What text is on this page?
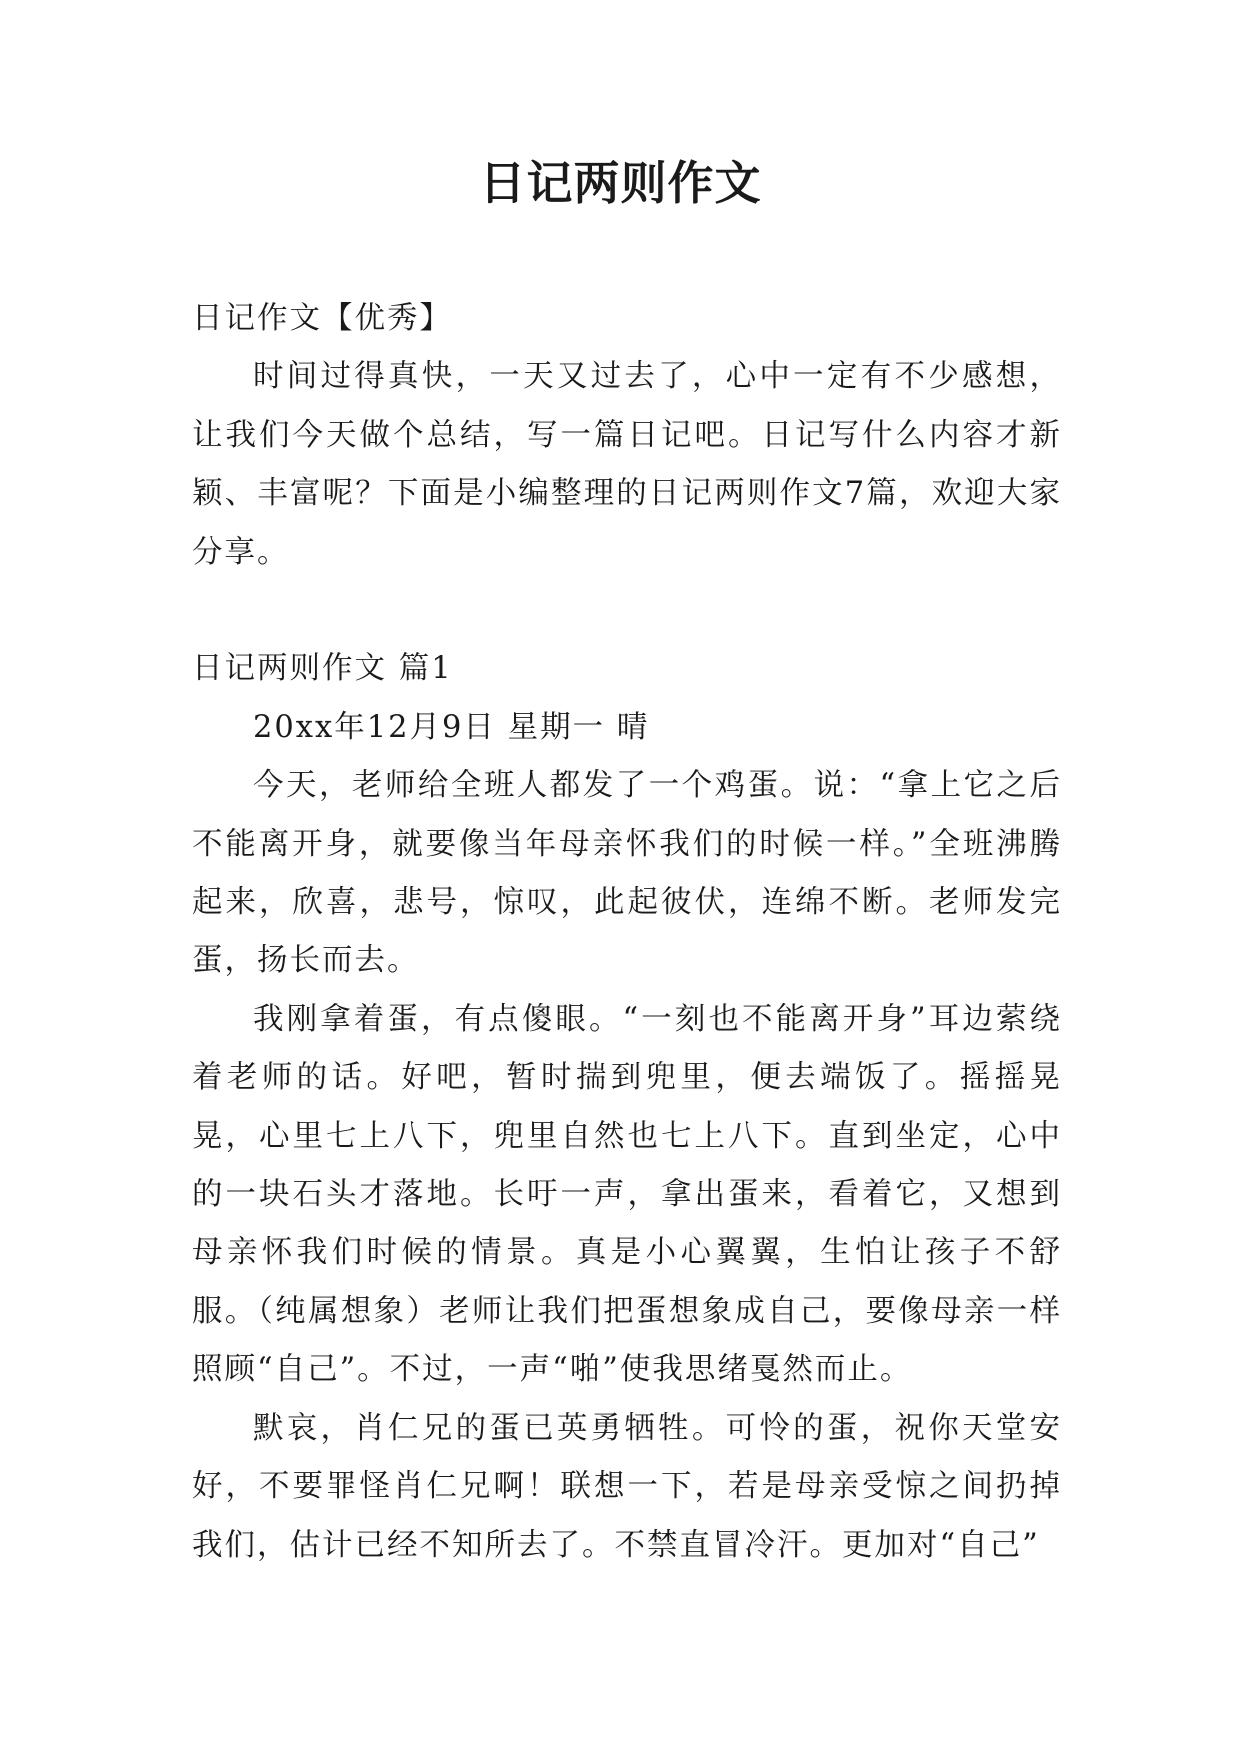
日记两则作文

日记作文【优秀】

时间过得真快，一天又过去了，心中一定有不少感想，让我们今天做个总结，写一篇日记吧。日记写什么内容才新颖、丰富呢？下面是小编整理的日记两则作文7篇，欢迎大家分享。

日记两则作文 篇1

20xx年12月9日 星期一 晴

今天，老师给全班人都发了一个鸡蛋。说：“拿上它之后不能离开身，就要像当年母亲怀我们的时候一样。”全班沸腾起来，欣喜，悲号，惊叹，此起彼伏，连绵不断。老师发完蛋，扬长而去。

我刚拿着蛋，有点傻眼。“一刻也不能离开身”耳边萦绕着老师的话。好吧，暂时揣到兜里，便去端饭了。摇摇晃晃，心里七上八下，兜里自然也七上八下。直到坐定，心中的一块石头才落地。长吁一声，拿出蛋来，看着它，又想到母亲怀我们时候的情景。真是小心翼翼，生怕让孩子不舒服。（纯属想象）老师让我们把蛋想象成自己，要像母亲一样照顾“自己”。不过，一声“啪”使我思绪戛然而止。

默哀，肖仁兄的蛋已英勇牺牲。可怜的蛋，祝你天堂安好，不要罪怪肖仁兄啊！联想一下，若是母亲受惊之间扔掉我们，估计已经不知所去了。不禁直冒冷汗。更加对“自己”
